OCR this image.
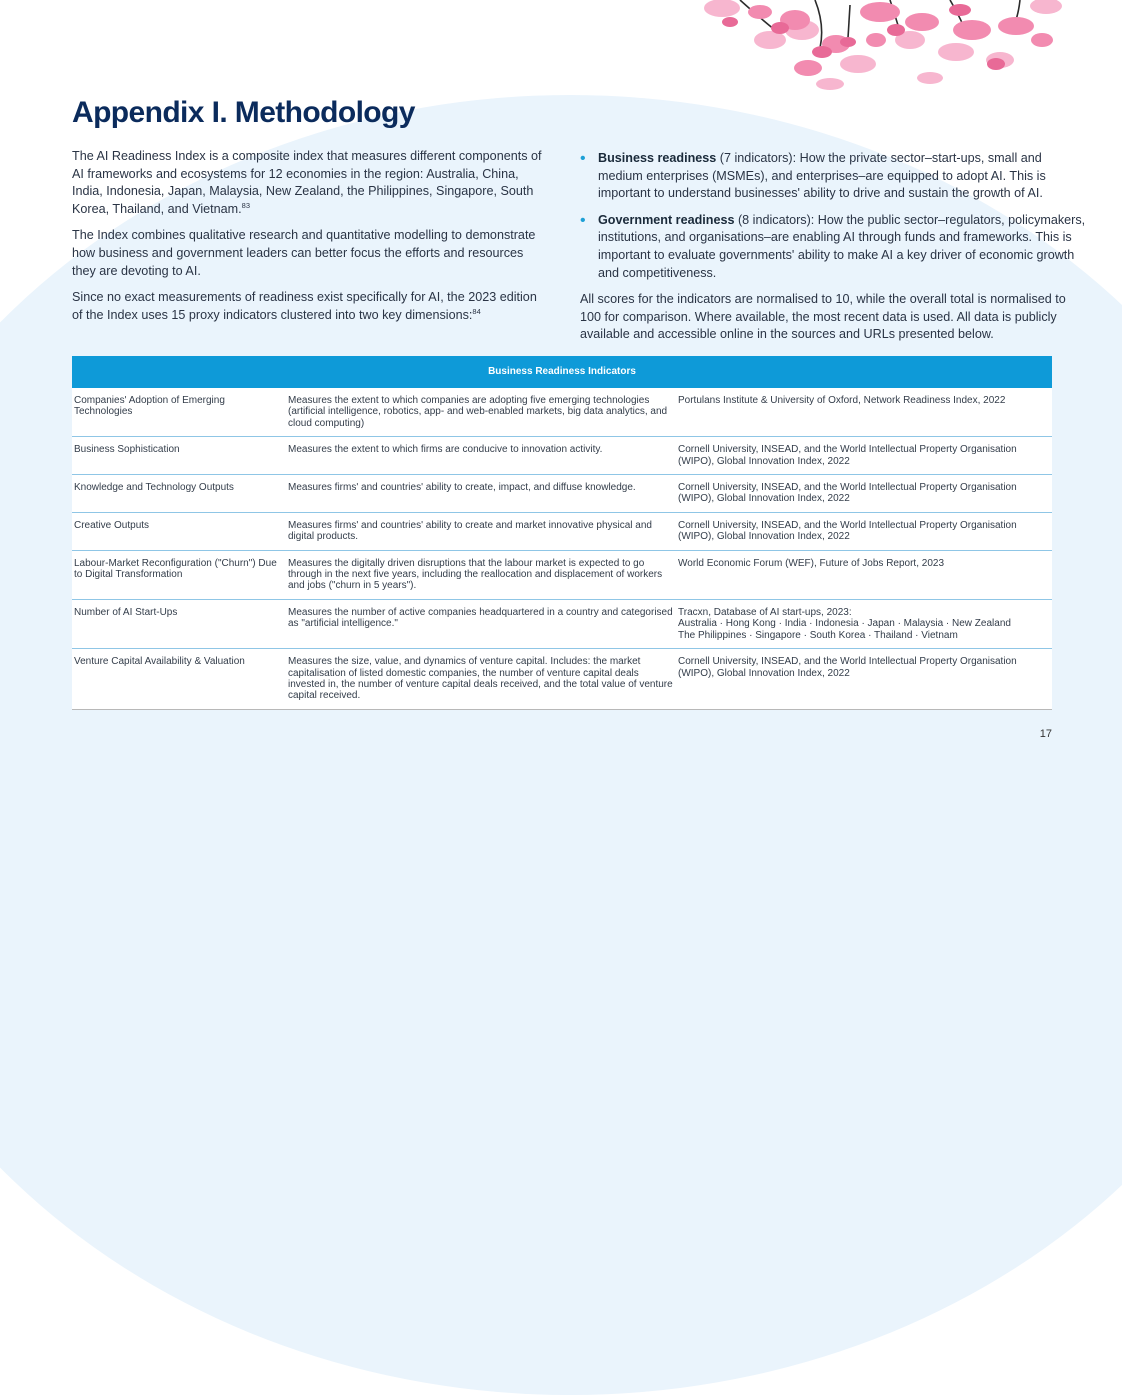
Appendix I. Methodology

The AI Readiness Index is a composite index that measures different components of AI frameworks and ecosystems for 12 economies in the region: Australia, China, India, Indonesia, Japan, Malaysia, New Zealand, the Philippines, Singapore, South Korea, Thailand, and Vietnam.$^{83}$

The Index combines qualitative research and quantitative modelling to demonstrate how business and government leaders can better focus the efforts and resources they are devoting to AI.

Since no exact measurements of readiness exist specifically for AI, the 2023 edition of the Index uses 15 proxy indicators clustered into two key dimensions:$^{84}$

• Business readiness (7 indicators): How the private sector–start-ups, small and medium enterprises (MSMEs), and enterprises–are equipped to adopt AI. This is important to understand businesses' ability to drive and sustain the growth of AI.
• Government readiness (8 indicators): How the public sector–regulators, policymakers, institutions, and organisations–are enabling AI through funds and frameworks. This is important to evaluate governments' ability to make AI a key driver of economic growth and competitiveness.

All scores for the indicators are normalised to 10, while the overall total is normalised to 100 for comparison. Where available, the most recent data is used. All data is publicly available and accessible online in the sources and URLs presented below.

Business Readiness Indicators		
Companies' Adoption of Emerging Technologies	Measures the extent to which companies are adopting five emerging technologies (artificial intelligence, robotics, app- and web-enabled markets, big data analytics, and cloud computing)	Portulans Institute & University of Oxford, Network Readiness Index, 2022
Business Sophistication	Measures the extent to which firms are conducive to innovation activity.	Cornell University, INSEAD, and the World Intellectual Property Organisation (WIPO), Global Innovation Index, 2022
Knowledge and Technology Outputs	Measures firms' and countries' ability to create, impact, and diffuse knowledge.	Cornell University, INSEAD, and the World Intellectual Property Organisation (WIPO), Global Innovation Index, 2022
Creative Outputs	Measures firms' and countries' ability to create and market innovative physical and digital products.	Cornell University, INSEAD, and the World Intellectual Property Organisation (WIPO), Global Innovation Index, 2022
Labour-Market Reconfiguration ("Churn") Due to Digital Transformation	Measures the digitally driven disruptions that the labour market is expected to go through in the next five years, including the reallocation and displacement of workers and jobs ("churn in 5 years").	World Economic Forum (WEF), Future of Jobs Report, 2023
Number of AI Start-Ups	Measures the number of active companies headquartered in a country and categorised as "artificial intelligence."	Tracxn, Database of AI start-ups, 2023:
Australia · Hong Kong · India · Indonesia · Japan · Malaysia · New Zealand
The Philippines · Singapore · South Korea · Thailand · Vietnam

Venture Capital Availability & Valuation	Measures the size, value, and dynamics of venture capital. Includes: the market capitalisation of listed domestic companies, the number of venture capital deals invested in, the number of venture capital deals received, and the total value of venture capital received.	Cornell University, INSEAD, and the World Intellectual Property Organisation (WIPO), Global Innovation Index, 2022
17
